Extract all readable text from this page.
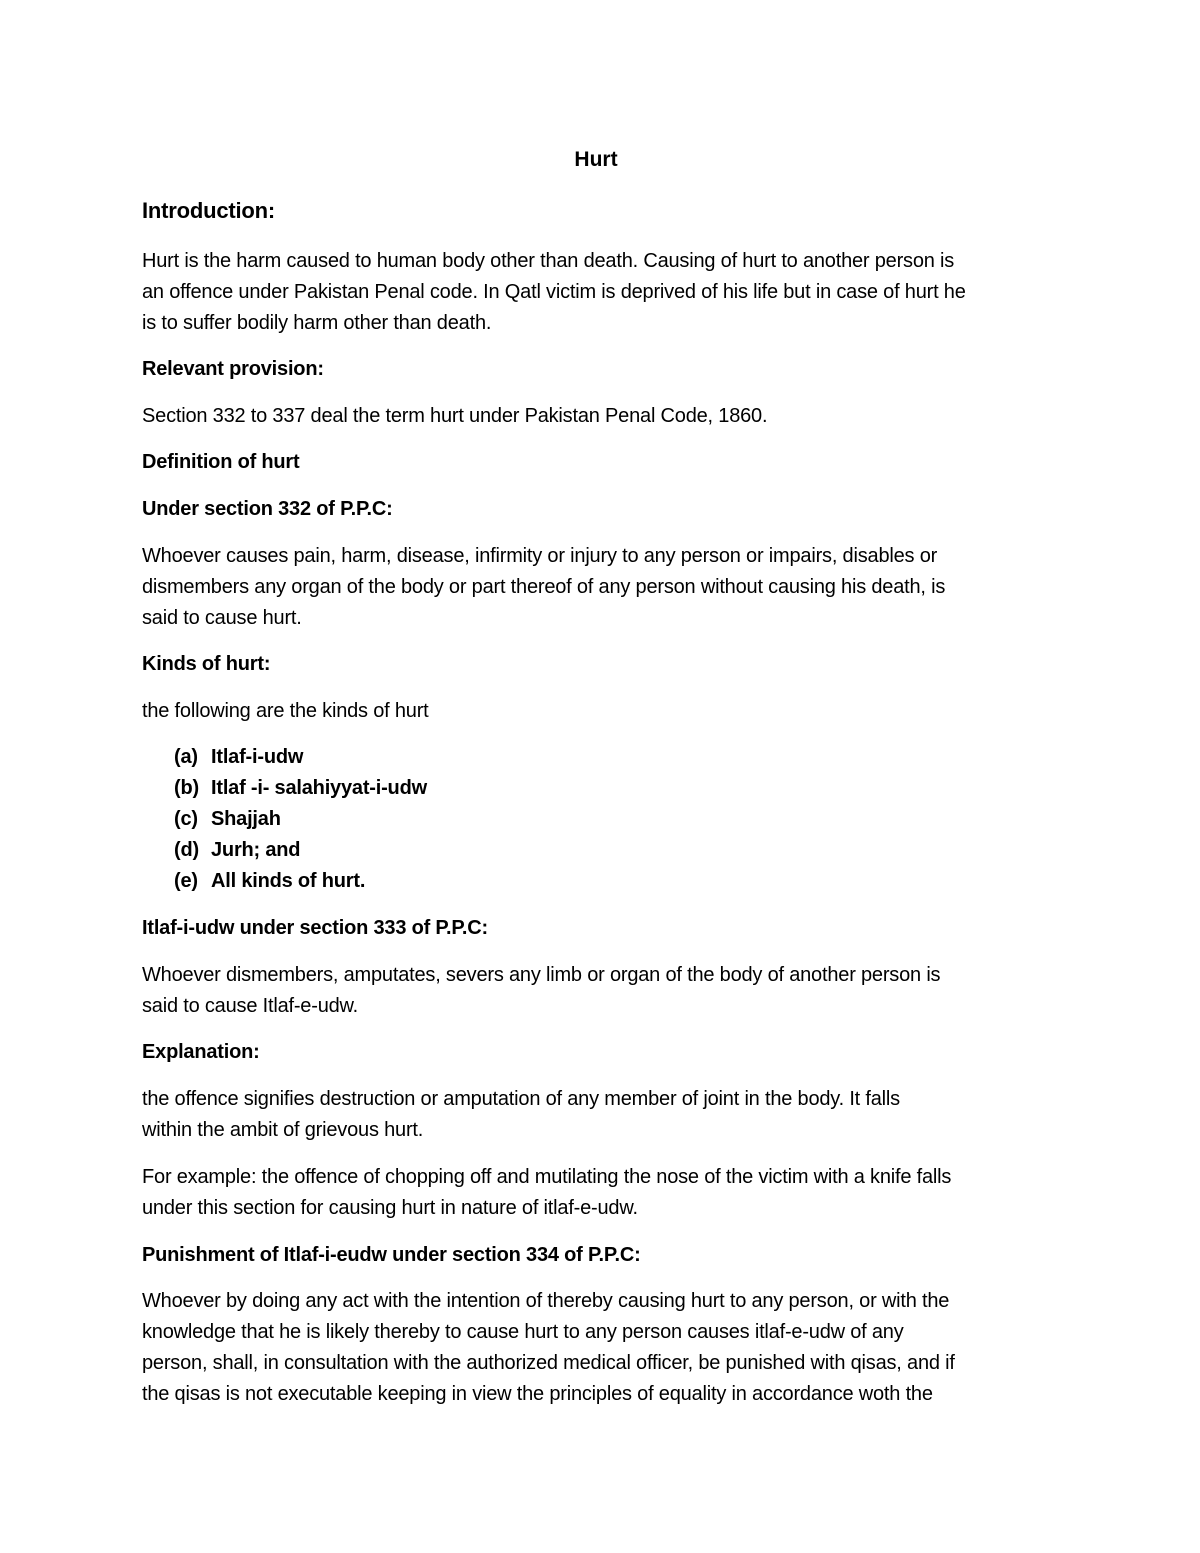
Hurt
Introduction:
Hurt is the harm caused to human body other than death. Causing of hurt to another person is
an offence under Pakistan Penal code. In Qatl victim is deprived of his life but in case of hurt he
is to suffer bodily harm other than death.
Relevant provision:
Section 332 to 337 deal the term hurt under Pakistan Penal Code, 1860.
Definition of hurt
Under section 332 of P.P.C:
Whoever causes pain, harm, disease, infirmity or injury to any person or impairs, disables or
dismembers any organ of the body or part thereof of any person without causing his death, is
said to cause hurt.
Kinds of hurt:
the following are the kinds of hurt
(a) Itlaf-i-udw
(b) Itlaf -i- salahiyyat-i-udw
(c) Shajjah
(d) Jurh; and
(e) All kinds of hurt.
Itlaf-i-udw under section 333 of P.P.C:
Whoever dismembers, amputates, severs any limb or organ of the body of another person is
said to cause Itlaf-e-udw.
Explanation:
the offence signifies destruction or amputation of any member of joint in the body. It falls
within the ambit of grievous hurt.
For example: the offence of chopping off and mutilating the nose of the victim with a knife falls
under this section for causing hurt in nature of itlaf-e-udw.
Punishment of Itlaf-i-eudw under section 334 of P.P.C:
Whoever by doing any act with the intention of thereby causing hurt to any person, or with the
knowledge that he is likely thereby to cause hurt to any person causes itlaf-e-udw of any
person, shall, in consultation with the authorized medical officer, be punished with qisas, and if
the qisas is not executable keeping in view the principles of equality in accordance woth the
